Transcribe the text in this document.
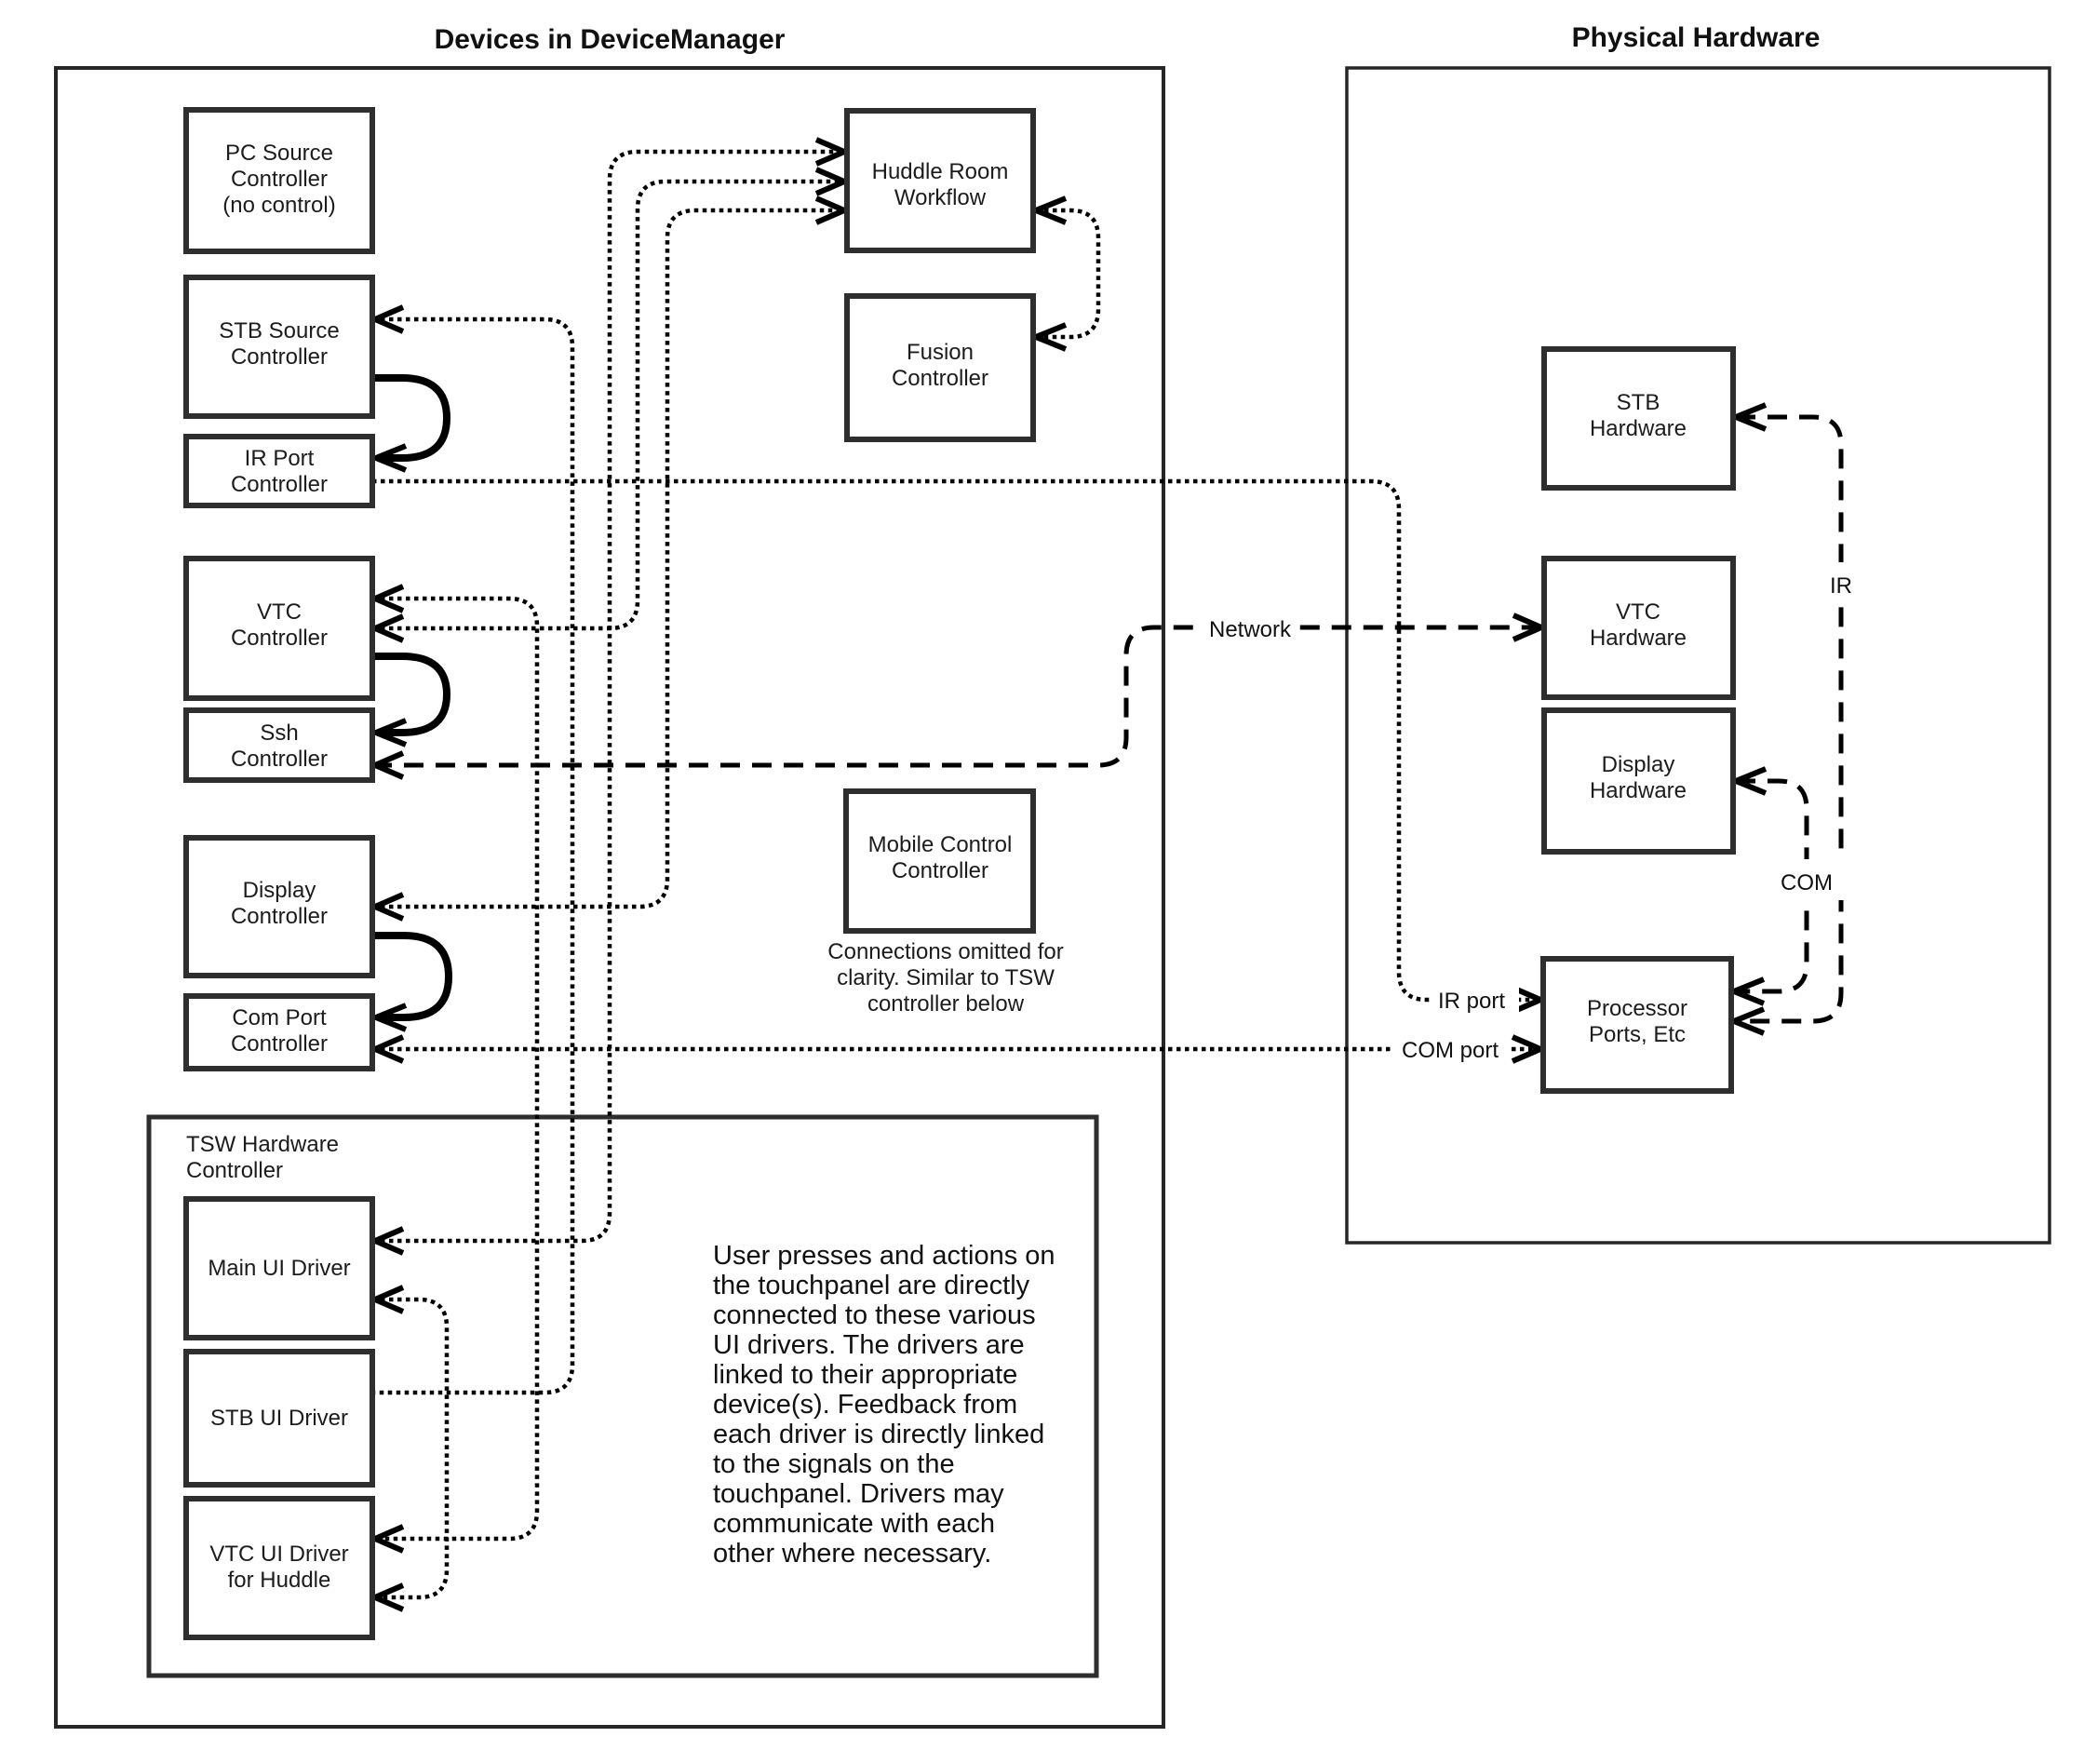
Devices in DeviceManager	Physical Hardware
TSW Hardware
Controller
IR port
COM port
Network
IR
COM
PC Source
Controller
(no control)
STB Source
Controller
IR Port
Controller
VTC
Controller
Ssh
Controller
Display
Controller
Com Port
Controller
Huddle Room
Workflow
Fusion
Controller
Mobile Control
Controller
Connections omitted for
clarity. Similar to TSW
controller below
Main UI Driver
STB UI Driver
VTC UI Driver
for Huddle
User presses and actions on
the touchpanel are directly
connected to these various
UI drivers. The drivers are
linked to their appropriate
device(s). Feedback from
each driver is directly linked
to the signals on the
touchpanel. Drivers may
communicate with each
other where necessary.
STB
Hardware
VTC
Hardware
Display
Hardware
Processor
Ports, Etc
